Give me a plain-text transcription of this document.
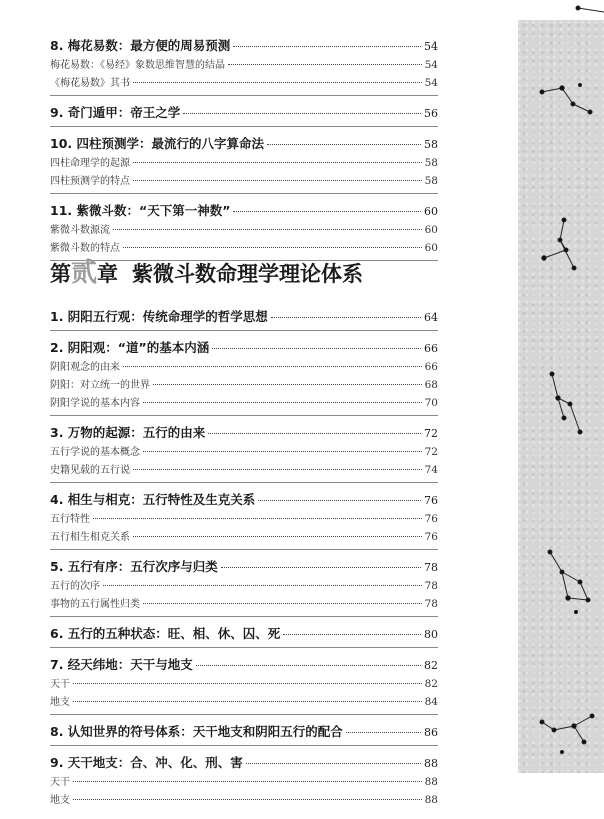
8. 梅花易数：最方便的周易预测	54
梅花易数：《易经》象数思维智慧的结晶	54
《梅花易数》其书	54
9. 奇门遁甲：帝王之学	56
10. 四柱预测学：最流行的八字算命法	58
四柱命理学的起源	58
四柱预测学的特点	58
11. 紫微斗数：“天下第一神数”	60
紫微斗数源流	60
紫微斗数的特点	60
第贰章 紫微斗数命理学理论体系
1. 阴阳五行观：传统命理学的哲学思想	64
2. 阴阳观：“道”的基本内涵	66
阴阳观念的由来	66
阴阳：对立统一的世界	68
阴阳学说的基本内容	70
3. 万物的起源：五行的由来	72
五行学说的基本概念	72
史籍见载的五行说	74
4. 相生与相克：五行特性及生克关系	76
五行特性	76
五行相生相克关系	76
5. 五行有序：五行次序与归类	78
五行的次序	78
事物的五行属性归类	78
6. 五行的五种状态：旺、相、休、囚、死	80
7. 经天纬地：天干与地支	82
天干	82
地支	84
8. 认知世界的符号体系：天干地支和阴阳五行的配合	86
9. 天干地支：合、冲、化、刑、害	88
天干	88
地支	88
